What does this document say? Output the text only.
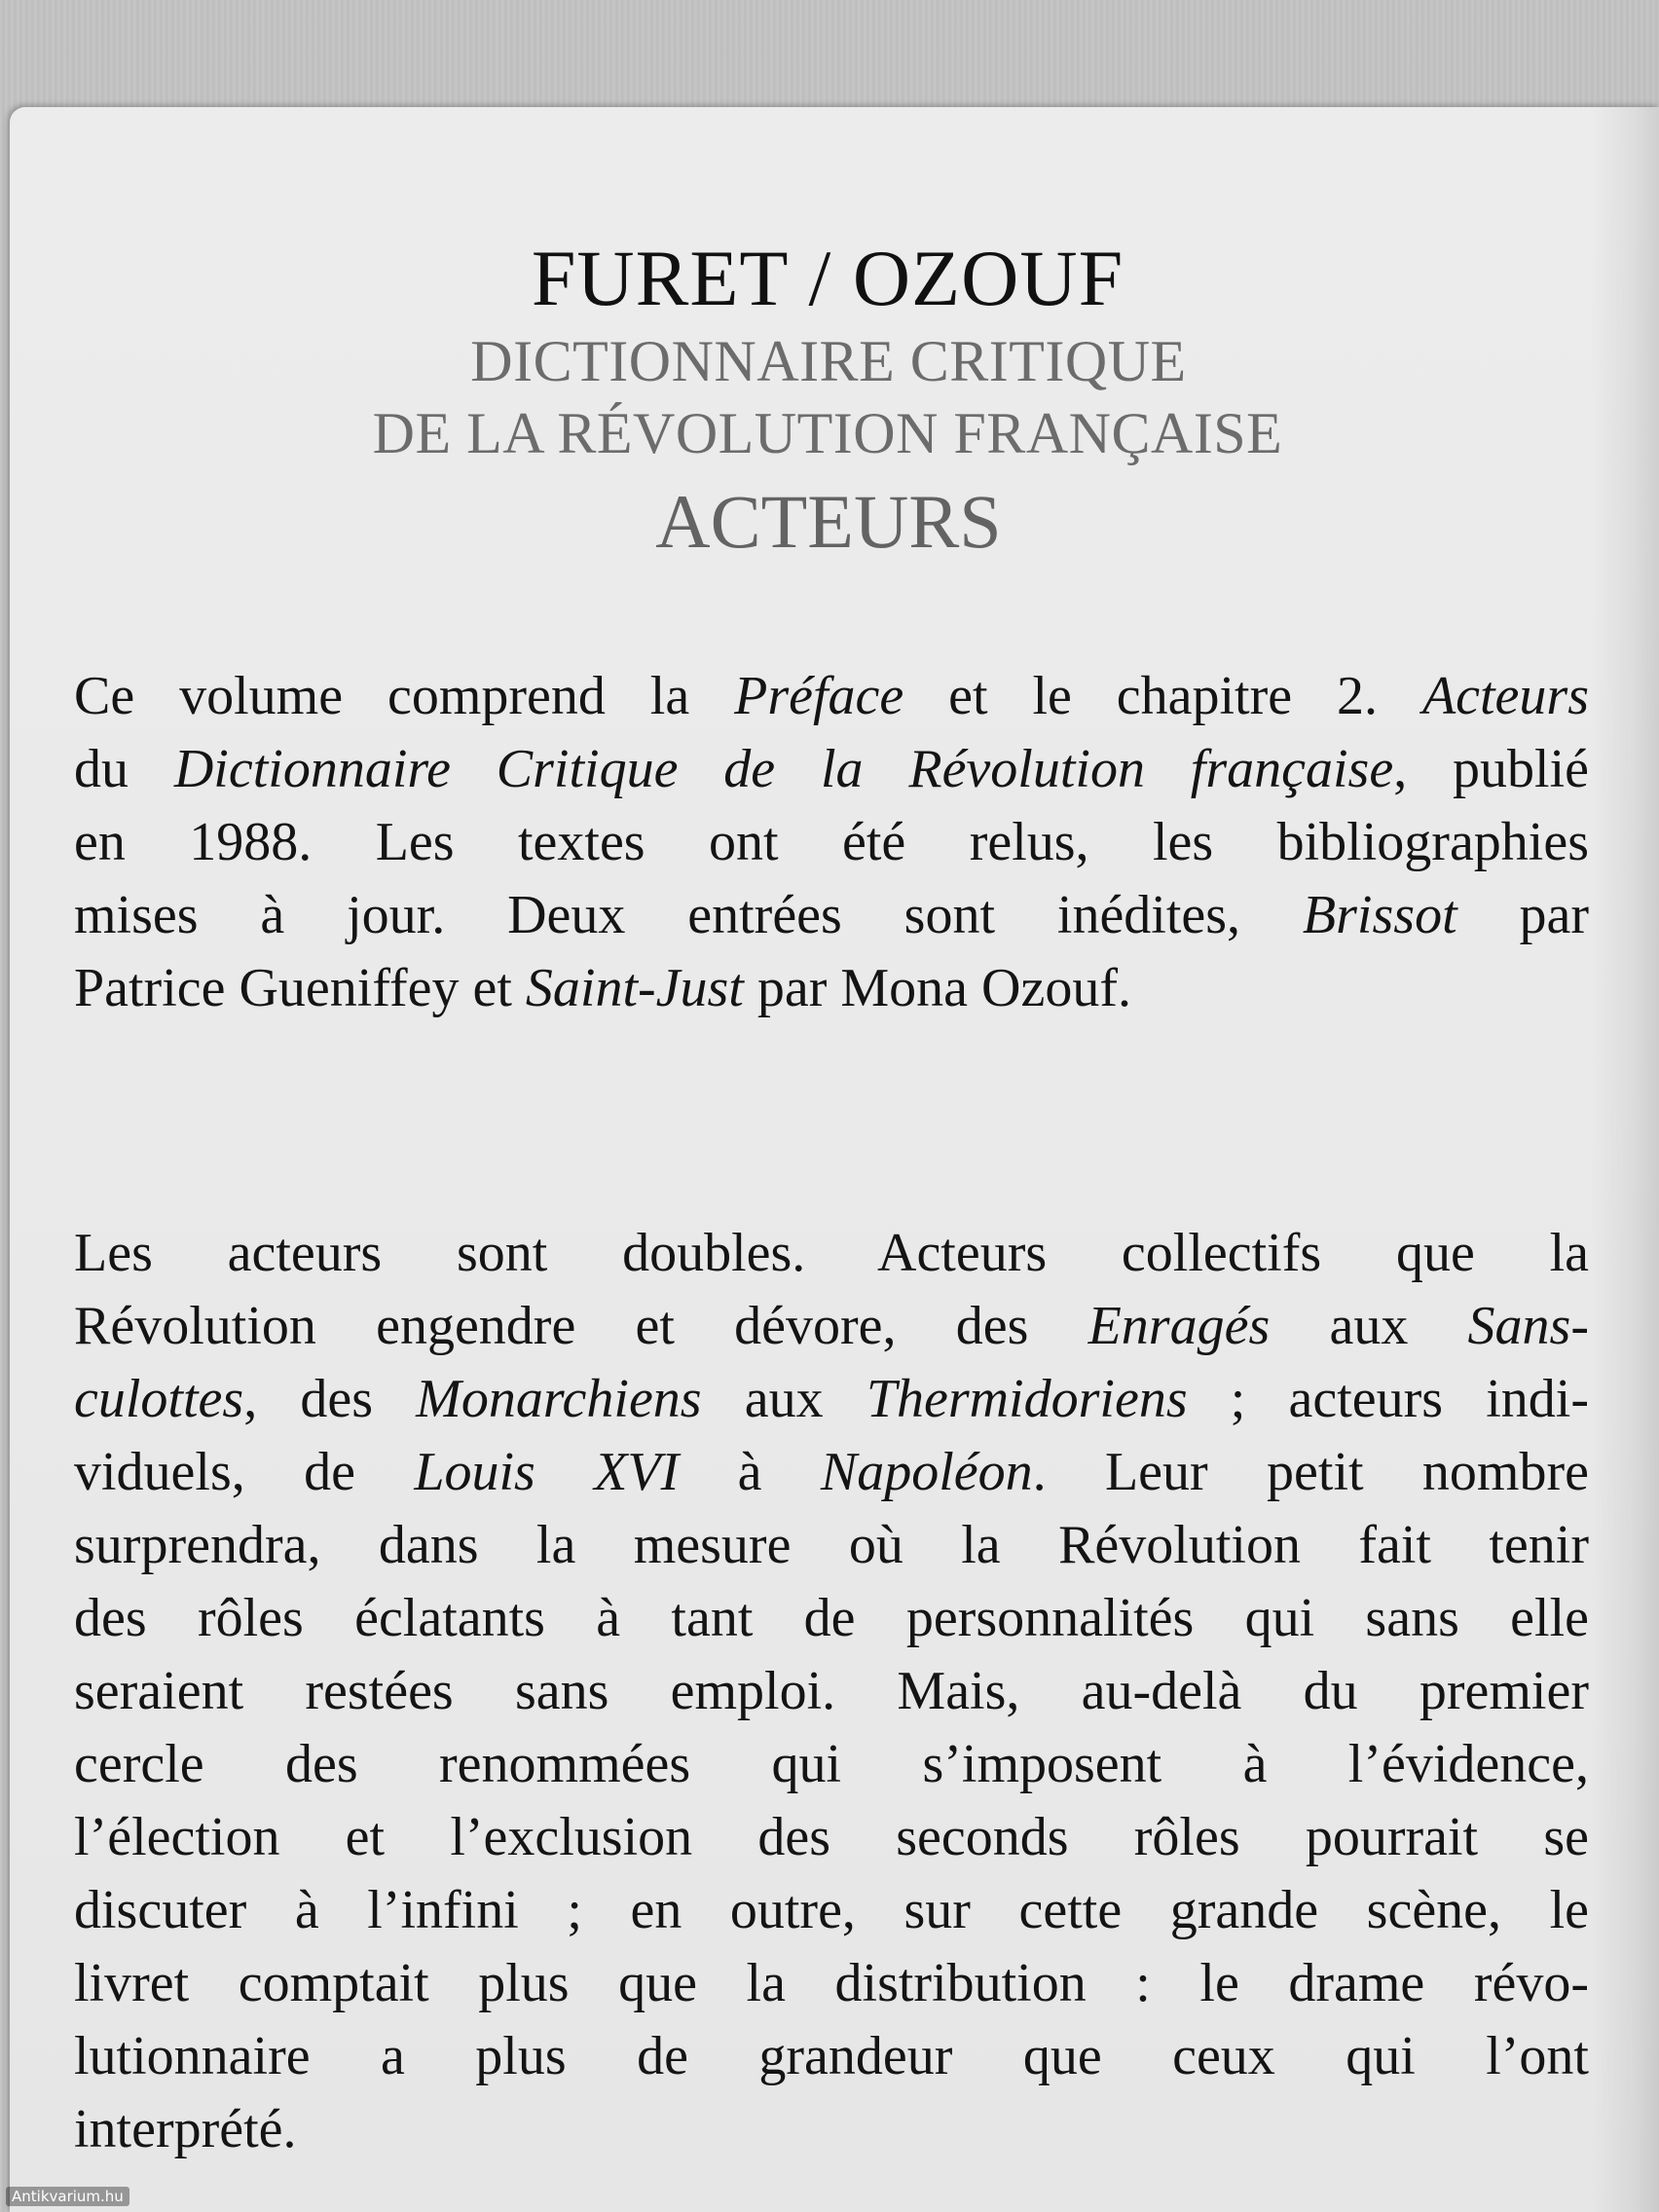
FURET / OZOUF
DICTIONNAIRE CRITIQUE
DE LA RÉVOLUTION FRANÇAISE
ACTEURS
Ce volume comprend la Préface et le chapitre 2. Acteurs
du Dictionnaire Critique de la Révolution française, publié
en 1988. Les textes ont été relus, les bibliographies
mises à jour. Deux entrées sont inédites, Brissot par
Patrice Gueniffey et Saint-Just par Mona Ozouf.
Les acteurs sont doubles. Acteurs collectifs que la
Révolution engendre et dévore, des Enragés aux Sans-
culottes, des Monarchiens aux Thermidoriens ; acteurs indi-
viduels, de Louis XVI à Napoléon. Leur petit nombre
surprendra, dans la mesure où la Révolution fait tenir
des rôles éclatants à tant de personnalités qui sans elle
seraient restées sans emploi. Mais, au-delà du premier
cercle des renommées qui s’imposent à l’évidence,
l’élection et l’exclusion des seconds rôles pourrait se
discuter à l’infini ; en outre, sur cette grande scène, le
livret comptait plus que la distribution : le drame révo-
lutionnaire a plus de grandeur que ceux qui l’ont
interprété.
Antikvarium.hu
